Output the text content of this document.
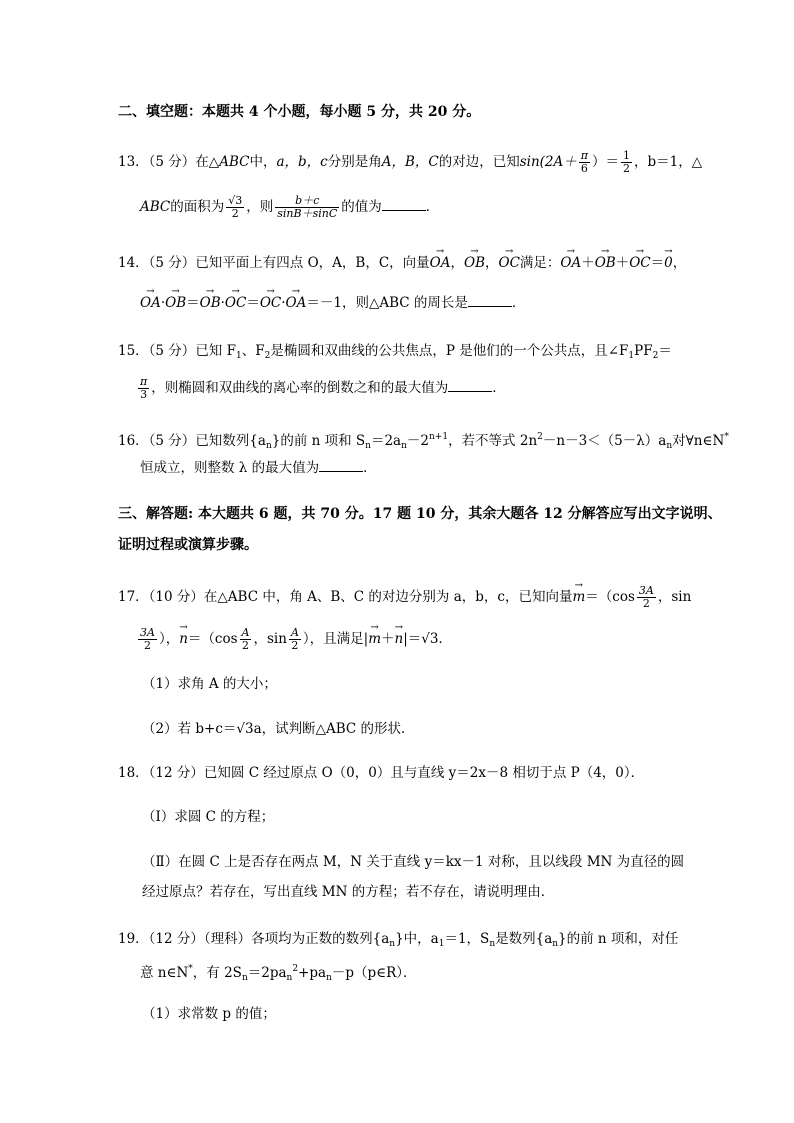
二、填空题：本题共 4 个小题，每小题 5 分，共 20 分。
13．（5 分）在△ABC中，a，b，c分别是角A，B，C的对边，已知$\sin(2A+ \frac{\pi}{6}$ ）＝ $\frac{1}{2}$ ，b＝1，△
ABC的面积为 $\frac{√3}{2}$ ，则 $\frac{b+c}{\sin B+\sin C}$ 的值为	．
14．（5 分）已知平面上有四点 O，A，B，C，向量→ OA，→ OB，→ OC满足：→ OA＋→ OB＋→ OC＝→ 0，
→ OA·→ OB＝→ OB·→ OC＝→ OC·→ OA＝－1，则△ABC 的周长是	．
15．（5 分）已知 $F_1$、$F_2$是椭圆和双曲线的公共焦点，P 是他们的一个公共点，且$\angle F_1PF_2=$
$\frac{\pi}{3}$ ，则椭圆和双曲线的离心率的倒数之和的最大值为	．
16．（5 分）已知数列$\{a_n\}$的前 n 项和 $S_n=2a_n-2^{n+1}$，若不等式 $2n^2-n-3<(5-\lambda)a_n$对∀n∈N*
恒成立，则整数 λ 的最大值为	．
三、解答题: 本大题共 6 题，共 70 分。17 题 10 分，其余大题各 12 分解答应写出文字说明、
证明过程或演算步骤。
17．（10 分）在△ABC 中，角 A、B、C 的对边分别为 a，b，c，已知向量→ $m=(\cos \frac{3A}{2}$ ，sin
$\frac{3A}{2}$ ），→ $n=(\cos \frac{A}{2}$ ，$\sin \frac{A}{2}$ ），且满足|→ m＋→ n|＝√3．
（1）求角 A 的大小；
（2）若 b+c＝√3a，试判断△ABC 的形状．
18．（12 分）已知圆 C 经过原点 O（0，0）且与直线 y＝2x－8 相切于点 P（4，0）．
（Ⅰ）求圆 C 的方程；
（Ⅱ）在圆 C 上是否存在两点 M，N 关于直线 y＝kx－1 对称，且以线段 MN 为直径的圆
经过原点？若存在，写出直线 MN 的方程；若不存在，请说明理由．
19．（12 分）（理科）各项均为正数的数列$\{a_n\}$中，$a_1=1$，$S_n$是数列$\{a_n\}$的前 n 项和，对任
意 n∈N*，有 $2S_n=2pa_n^2+pa_n-p(p\in R)$．
（1）求常数 p 的值；
